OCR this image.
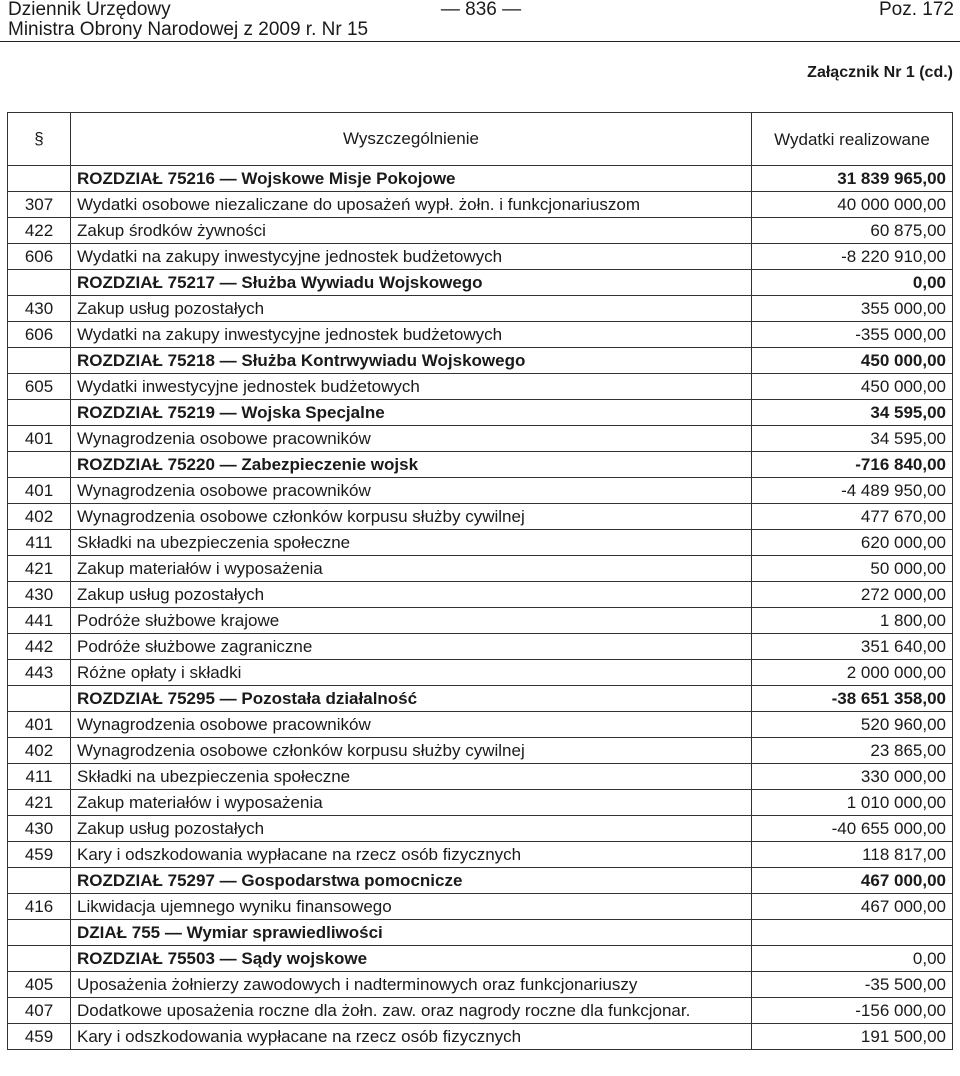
Dziennik Urzędowy	— 836 —	Poz. 172
Ministra Obrony Narodowej z 2009 r. Nr 15
Załącznik Nr 1 (cd.)
§	Wyszczególnienie	Wydatki realizowane
	ROZDZIAŁ 75216 — Wojskowe Misje Pokojowe	31 839 965,00
307	Wydatki osobowe niezaliczane do uposażeń wypł. żołn. i funkcjonariuszom	40 000 000,00
422	Zakup środków żywności	60 875,00
606	Wydatki na zakupy inwestycyjne jednostek budżetowych	-8 220 910,00
	ROZDZIAŁ 75217 — Służba Wywiadu Wojskowego	0,00
430	Zakup usług pozostałych	355 000,00
606	Wydatki na zakupy inwestycyjne jednostek budżetowych	-355 000,00
	ROZDZIAŁ 75218 — Służba Kontrwywiadu Wojskowego	450 000,00
605	Wydatki inwestycyjne jednostek budżetowych	450 000,00
	ROZDZIAŁ 75219 — Wojska Specjalne	34 595,00
401	Wynagrodzenia osobowe pracowników	34 595,00
	ROZDZIAŁ 75220 — Zabezpieczenie wojsk	-716 840,00
401	Wynagrodzenia osobowe pracowników	-4 489 950,00
402	Wynagrodzenia osobowe członków korpusu służby cywilnej	477 670,00
411	Składki na ubezpieczenia społeczne	620 000,00
421	Zakup materiałów i wyposażenia	50 000,00
430	Zakup usług pozostałych	272 000,00
441	Podróże służbowe krajowe	1 800,00
442	Podróże służbowe zagraniczne	351 640,00
443	Różne opłaty i składki	2 000 000,00
	ROZDZIAŁ 75295 — Pozostała działalność	-38 651 358,00
401	Wynagrodzenia osobowe pracowników	520 960,00
402	Wynagrodzenia osobowe członków korpusu służby cywilnej	23 865,00
411	Składki na ubezpieczenia społeczne	330 000,00
421	Zakup materiałów i wyposażenia	1 010 000,00
430	Zakup usług pozostałych	-40 655 000,00
459	Kary i odszkodowania wypłacane na rzecz osób fizycznych	118 817,00
	ROZDZIAŁ 75297 — Gospodarstwa pomocnicze	467 000,00
416	Likwidacja ujemnego wyniku finansowego	467 000,00
	DZIAŁ 755 — Wymiar sprawiedliwości	
	ROZDZIAŁ 75503 — Sądy wojskowe	0,00
405	Uposażenia żołnierzy zawodowych i nadterminowych oraz funkcjonariuszy	-35 500,00
407	Dodatkowe uposażenia roczne dla żołn. zaw. oraz nagrody roczne dla funkcjonar.	-156 000,00
459	Kary i odszkodowania wypłacane na rzecz osób fizycznych	191 500,00
